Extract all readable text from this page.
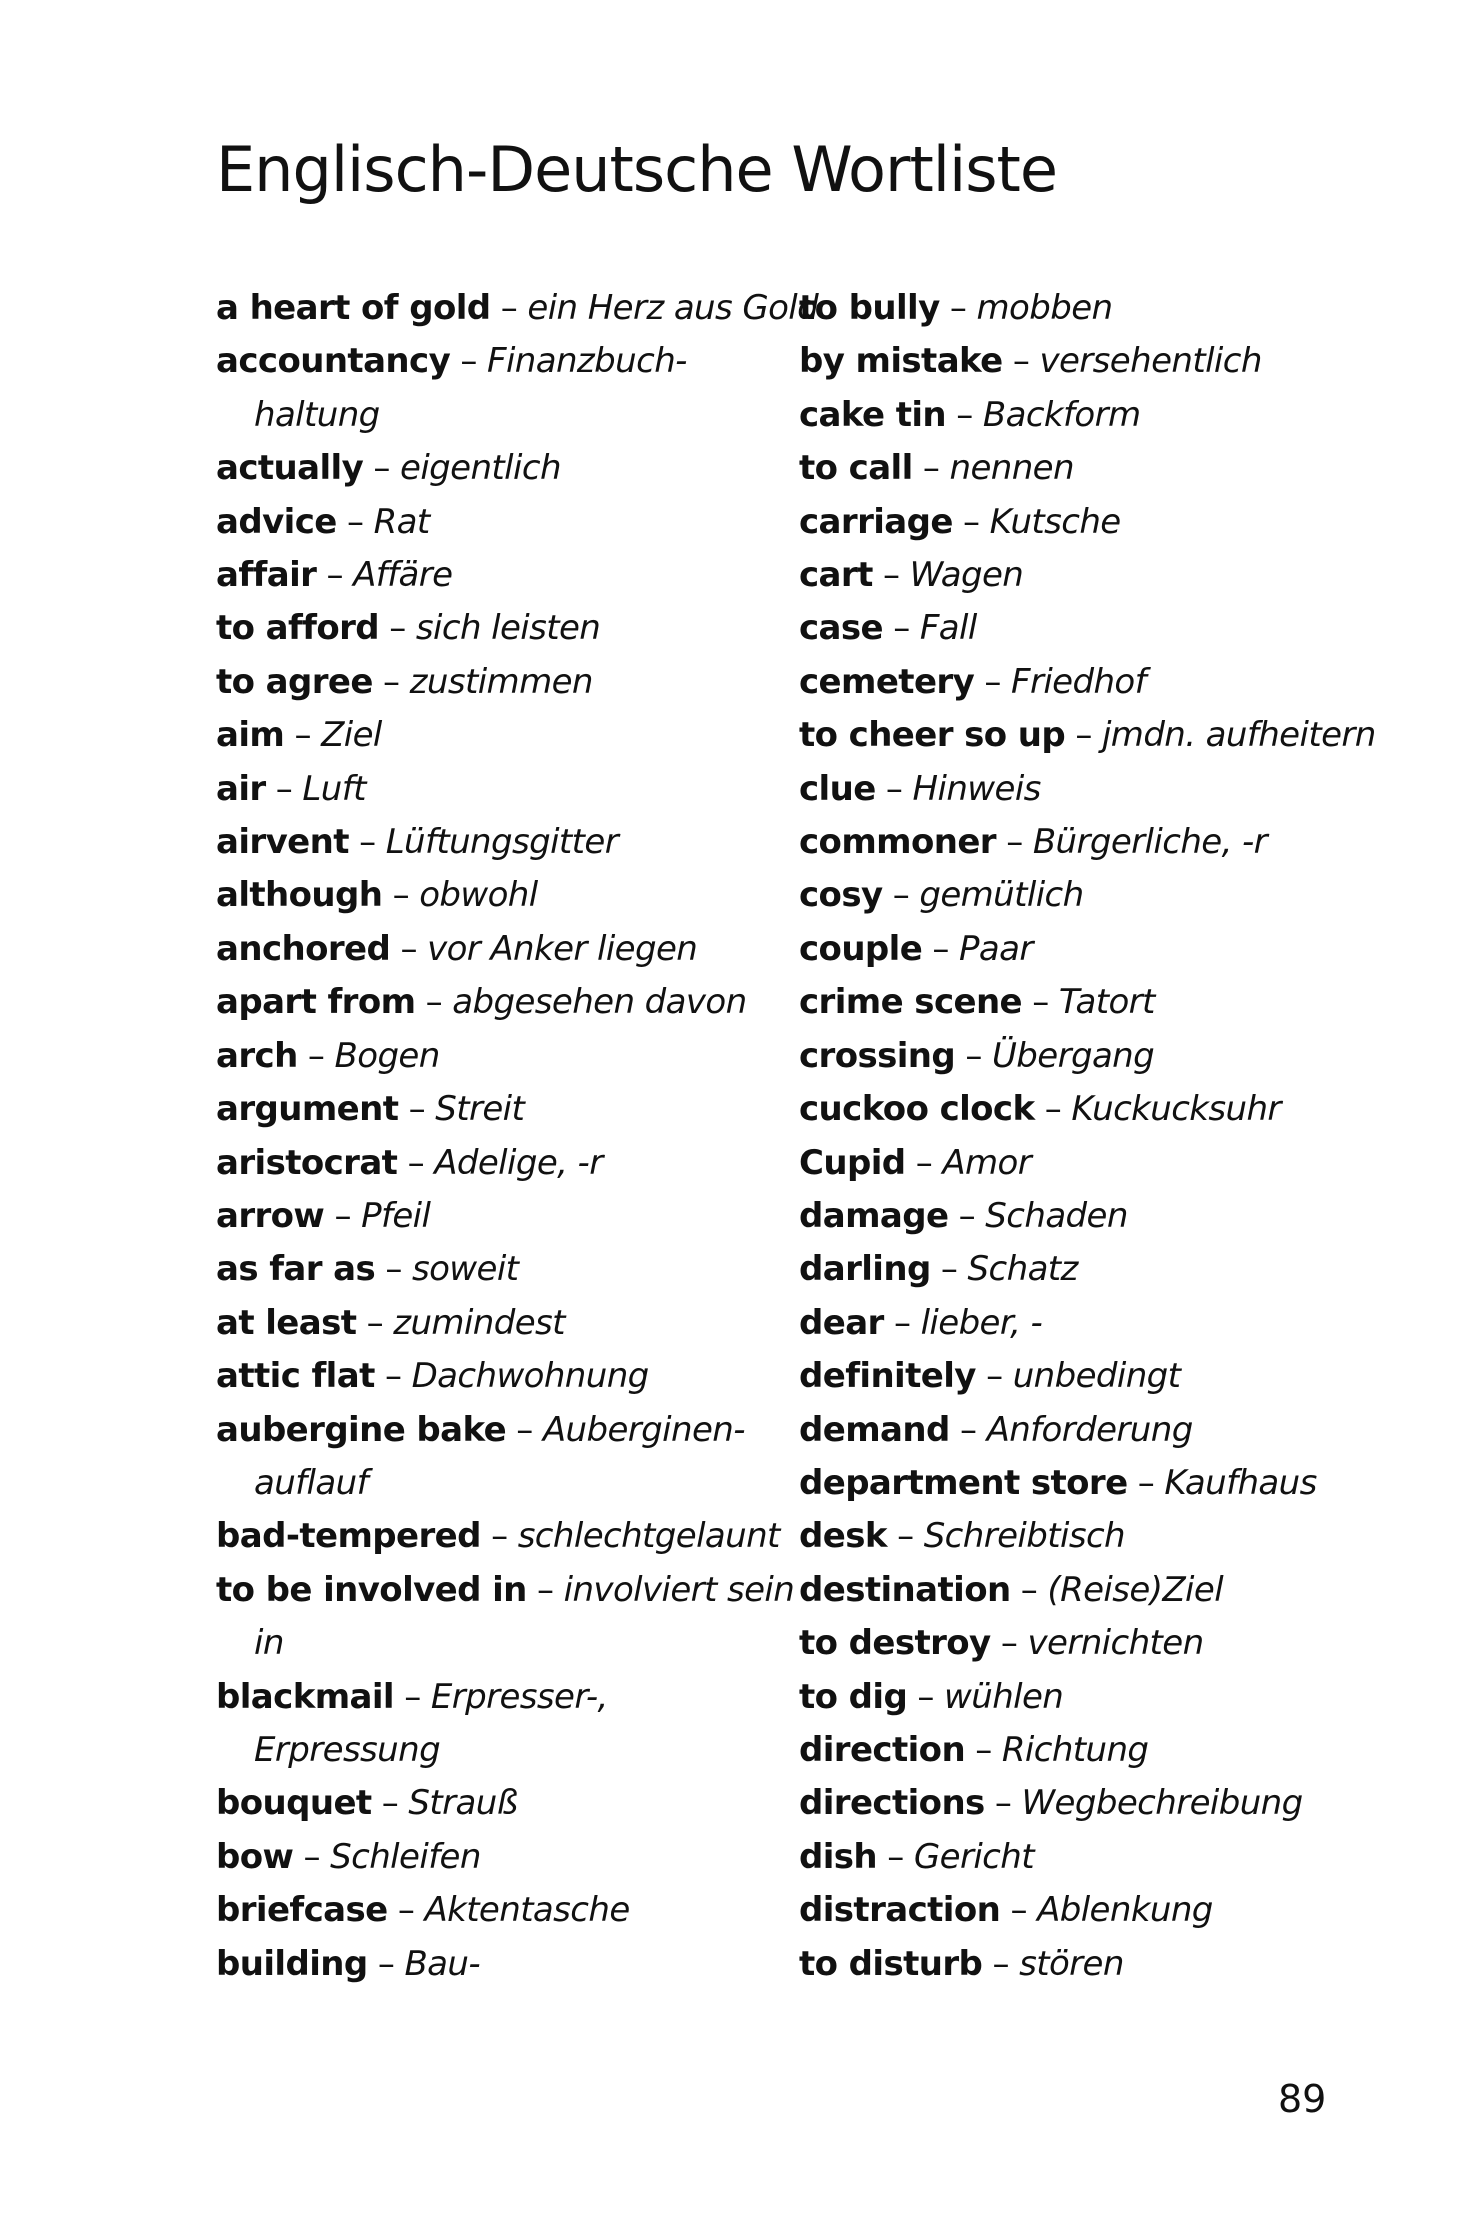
Englisch-Deutsche Wortliste
a heart of gold – ein Herz aus Gold
accountancy – Finanzbuch-
haltung
actually – eigentlich
advice – Rat
affair – Affäre
to afford – sich leisten
to agree – zustimmen
aim – Ziel
air – Luft
airvent – Lüftungsgitter
although – obwohl
anchored – vor Anker liegen
apart from – abgesehen davon
arch – Bogen
argument – Streit
aristocrat – Adelige, -r
arrow – Pfeil
as far as – soweit
at least – zumindest
attic flat – Dachwohnung
aubergine bake – Auberginen-
auflauf
bad-tempered – schlechtgelaunt
to be involved in – involviert sein
in
blackmail – Erpresser-,
Erpressung
bouquet – Strauß
bow – Schleifen
briefcase – Aktentasche
building – Bau-
to bully – mobben
by mistake – versehentlich
cake tin – Backform
to call – nennen
carriage – Kutsche
cart – Wagen
case – Fall
cemetery – Friedhof
to cheer so up – jmdn. aufheitern
clue – Hinweis
commoner – Bürgerliche, -r
cosy – gemütlich
couple – Paar
crime scene – Tatort
crossing – Übergang
cuckoo clock – Kuckucksuhr
Cupid – Amor
damage – Schaden
darling – Schatz
dear – lieber, -
definitely – unbedingt
demand – Anforderung
department store – Kaufhaus
desk – Schreibtisch
destination – (Reise)Ziel
to destroy – vernichten
to dig – wühlen
direction – Richtung
directions – Wegbechreibung
dish – Gericht
distraction – Ablenkung
to disturb – stören
89
